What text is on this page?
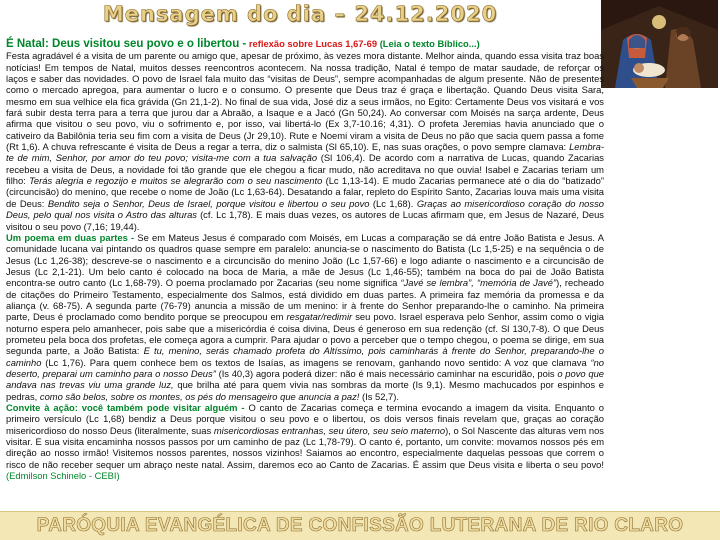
Mensagem do dia – 24.12.2020

É Natal: Deus visitou seu povo e o libertou - reflexão sobre Lucas 1,67-69 (Leia o texto Bíblico...)

Festa agradável é a visita de um parente ou amigo que, apesar de próximo, às vezes mora distante. Melhor ainda, quando essa visita traz boas notícias! Em tempos de Natal, muitos desses reencontros acontecem. Na nossa tradição, Natal é tempo de matar saudade, de reforçar os laços e saber das novidades. O povo de Israel fala muito das “visitas de Deus”, sempre acompanhadas de algum presente. Não de presentes como o mercado apregoa, para aumentar o lucro e o consumo. O presente que Deus traz é graça e libertação. Quando Deus visita Sara, mesmo em sua velhice ela fica grávida (Gn 21,1-2). No final de sua vida, José diz a seus irmãos, no Egito: Certamente Deus vos visitará e vos fará subir desta terra para a terra que jurou dar a Abraão, a Isaque e a Jacó (Gn 50,24). Ao conversar com Moisés na sarça ardente, Deus afirma que visitou o seu povo, viu o sofrimento e, por isso, vai libertá-lo (Ex 3,7-10.16; 4,31). O profeta Jeremias havia anunciado que o cativeiro da Babilônia teria seu fim com a visita de Deus (Jr 29,10). Rute e Noemi viram a visita de Deus no pão que sacia quem passa a fome (Rt 1,6). A chuva refrescante é visita de Deus a regar a terra, diz o salmista (Sl 65,10). E, nas suas orações, o povo sempre clamava: Lembra-te de mim, Senhor, por amor do teu povo; visita-me com a tua salvação (Sl 106,4). De acordo com a narrativa de Lucas, quando Zacarias recebeu a visita de Deus, a novidade foi tão grande que ele chegou a ficar mudo, não acreditava no que ouvia! Isabel e Zacarias teriam um filho: Terás alegria e regozijo e muitos se alegrarão com o seu nascimento (Lc 1,13-14). E mudo Zacarias permanece até o dia do “batizado” (circuncisão) do menino, que recebe o nome de João (Lc 1,63-64). Desatando a falar, repleto do Espírito Santo, Zacarias louva mais uma visita de Deus: Bendito seja o Senhor, Deus de Israel, porque visitou e libertou o seu povo (Lc 1,68). Graças ao misericordioso coração do nosso Deus, pelo qual nos visita o Astro das alturas (cf. Lc 1,78). E mais duas vezes, os autores de Lucas afirmam que, em Jesus de Nazaré, Deus visitou o seu povo (7,16; 19,44).

Um poema em duas partes - Se em Mateus Jesus é comparado com Moisés, em Lucas a comparação se dá entre João Batista e Jesus. A comunidade lucana vai pintando os quadros quase sempre em paralelo: anuncia-se o nascimento do Batista (Lc 1,5-25) e na sequência o de Jesus (Lc 1,26-38); descreve-se o nascimento e a circuncisão do menino João (Lc 1,57-66) e logo adiante o nascimento e a circuncisão de Jesus (Lc 2,1-21). Um belo canto é colocado na boca de Maria, a mãe de Jesus (Lc 1,46-55); também na boca do pai de João Batista encontra-se outro canto (Lc 1,68-79). O poema proclamado por Zacarias (seu nome significa “Javé se lembra”, “memória de Javé”), recheado de citações do Primeiro Testamento, especialmente dos Salmos, está dividido em duas partes. A primeira faz memória da promessa e da aliança (v. 68-75). A segunda parte (76-79) anuncia a missão de um menino: ir à frente do Senhor preparando-lhe o caminho. Na primeira parte, Deus é proclamado como bendito porque se preocupou em resgatar/redimir seu povo. Israel esperava pelo Senhor, assim como o vigia noturno espera pelo amanhecer, pois sabe que a misericórdia é coisa divina, Deus é generoso em sua redenção (cf. Sl 130,7-8). O que Deus prometeu pela boca dos profetas, ele começa agora a cumprir. Para ajudar o povo a perceber que o tempo chegou, o poema se dirige, em sua segunda parte, a João Batista: E tu, menino, serás chamado profeta do Altíssimo, pois caminharás à frente do Senhor, preparando-lhe o caminho (Lc 1,76). Para quem conhece bem os textos de Isaías, as imagens se renovam, ganhando novo sentido: A voz que clamava “no deserto, preparai um caminho para o nosso Deus” (Is 40,3) agora poderá dizer: não é mais necessário caminhar na escuridão, pois o povo que andava nas trevas viu uma grande luz, que brilha até para quem vivia nas sombras da morte (Is 9,1). Mesmo machucados por espinhos e pedras, como são belos, sobre os montes, os pés do mensageiro que anuncia a paz! (Is 52,7).

Convite à ação: você também pode visitar alguém - O canto de Zacarias começa e termina evocando a imagem da visita. Enquanto o primeiro versículo (Lc 1,68) bendiz a Deus porque visitou o seu povo e o libertou, os dois versos finais revelam que, graças ao coração misericordioso do nosso Deus (literalmente, suas misericordiosas entranhas, seu útero, seu seio materno), o Sol Nascente das alturas vem nos visitar. E sua visita encaminha nossos passos por um caminho de paz (Lc 1,78-79). O canto é, portanto, um convite: movamos nossos pés em direção ao nosso irmão! Visitemos nossos parentes, nossos vizinhos! Saiamos ao encontro, especialmente daquelas pessoas que correm o risco de não receber sequer um abraço neste natal. Assim, daremos eco ao Canto de Zacarias. É assim que Deus visita e liberta o seu povo! (Edmilson Schinelo - CEBI)

PARÓQUIA EVANGÉLICA DE CONFISSÃO LUTERANA DE RIO CLARO
